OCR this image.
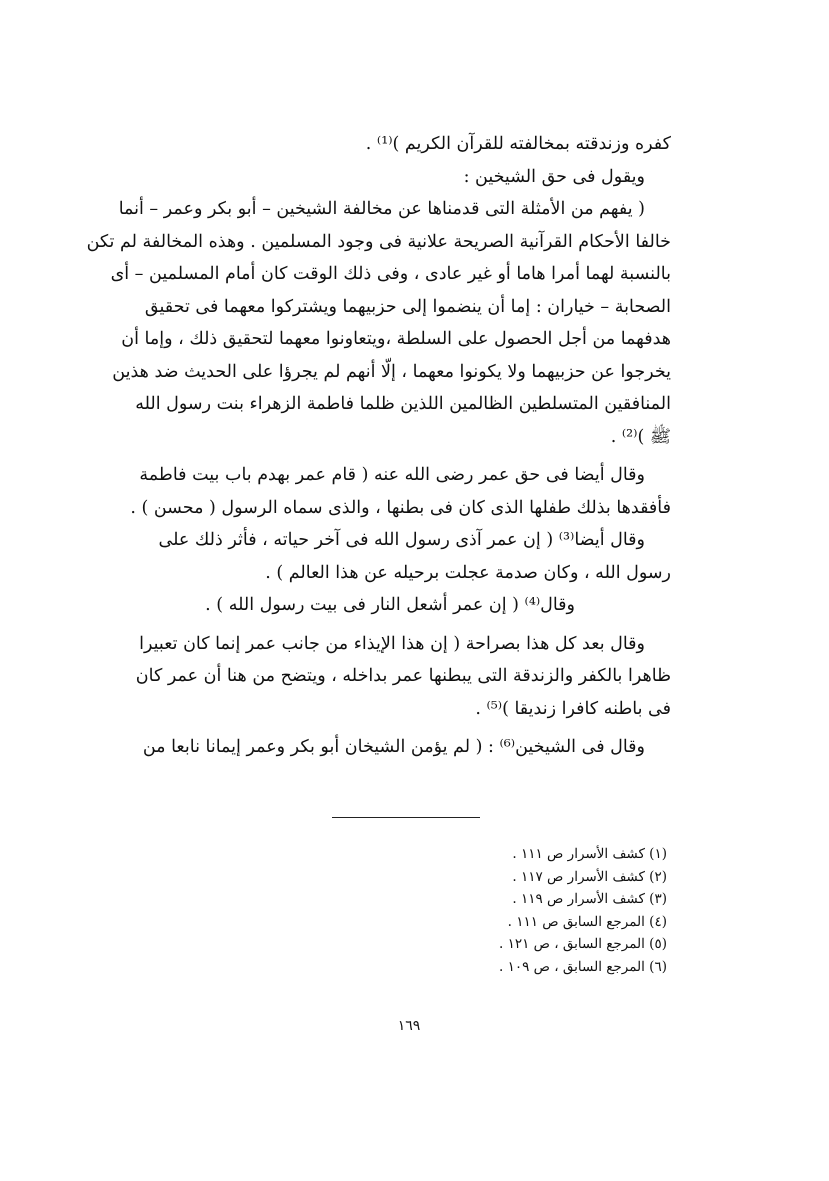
كفره وزندقته بمخالفته للقرآن الكريم )⁽¹⁾ .
ويقول فى حق الشيخين :
( يفهم من الأمثلة التى قدمناها عن مخالفة الشيخين – أبو بكر وعمر – أنما
خالفا الأحكام القرآنية الصريحة علانية فى وجود المسلمين . وهذه المخالفة لم تكن
بالنسبة لهما أمرا هاما أو غير عادى ، وفى ذلك الوقت كان أمام المسلمين – أى
الصحابة – خياران : إما أن ينضموا إلى حزبيهما ويشتركوا معهما فى تحقيق
هدفهما من أجل الحصول على السلطة ،ويتعاونوا معهما لتحقيق ذلك ، وإما أن
يخرجوا عن حزبيهما ولا يكونوا معهما ، إلّا أنهم لم يجرؤا على الحديث ضد هذين
المنافقين المتسلطين الظالمين اللذين ظلما فاطمة الزهراء بنت رسول الله
ﷺ )⁽²⁾ .
وقال أيضا فى حق عمر رضى الله عنه ( قام عمر بهدم باب بيت فاطمة
فأفقدها بذلك طفلها الذى كان فى بطنها ، والذى سماه الرسول ( محسن ) .
وقال أيضا⁽³⁾ ( إن عمر آذى رسول الله فى آخر حياته ، فأثر ذلك على
رسول الله ، وكان صدمة عجلت برحيله عن هذا العالم ) .
وقال⁽⁴⁾ ( إن عمر أشعل النار فى بيت رسول الله ) .
وقال بعد كل هذا بصراحة ( إن هذا الإيذاء من جانب عمر إنما كان تعبيرا
ظاهرا بالكفر والزندقة التى يبطنها عمر بداخله ، ويتضح من هنا أن عمر كان
فى باطنه كافرا زنديقا )⁽⁵⁾ .
وقال فى الشيخين⁽⁶⁾ : ( لم يؤمن الشيخان أبو بكر وعمر إيمانا نابعا من
(١) كشف الأسرار ص ١١١ .
(٢) كشف الأسرار ص ١١٧ .
(٣) كشف الأسرار ص ١١٩ .
(٤) المرجع السابق ص ١١١ .
(٥) المرجع السابق ، ص ١٢١ .
(٦) المرجع السابق ، ص ١٠٩ .
١٦٩
